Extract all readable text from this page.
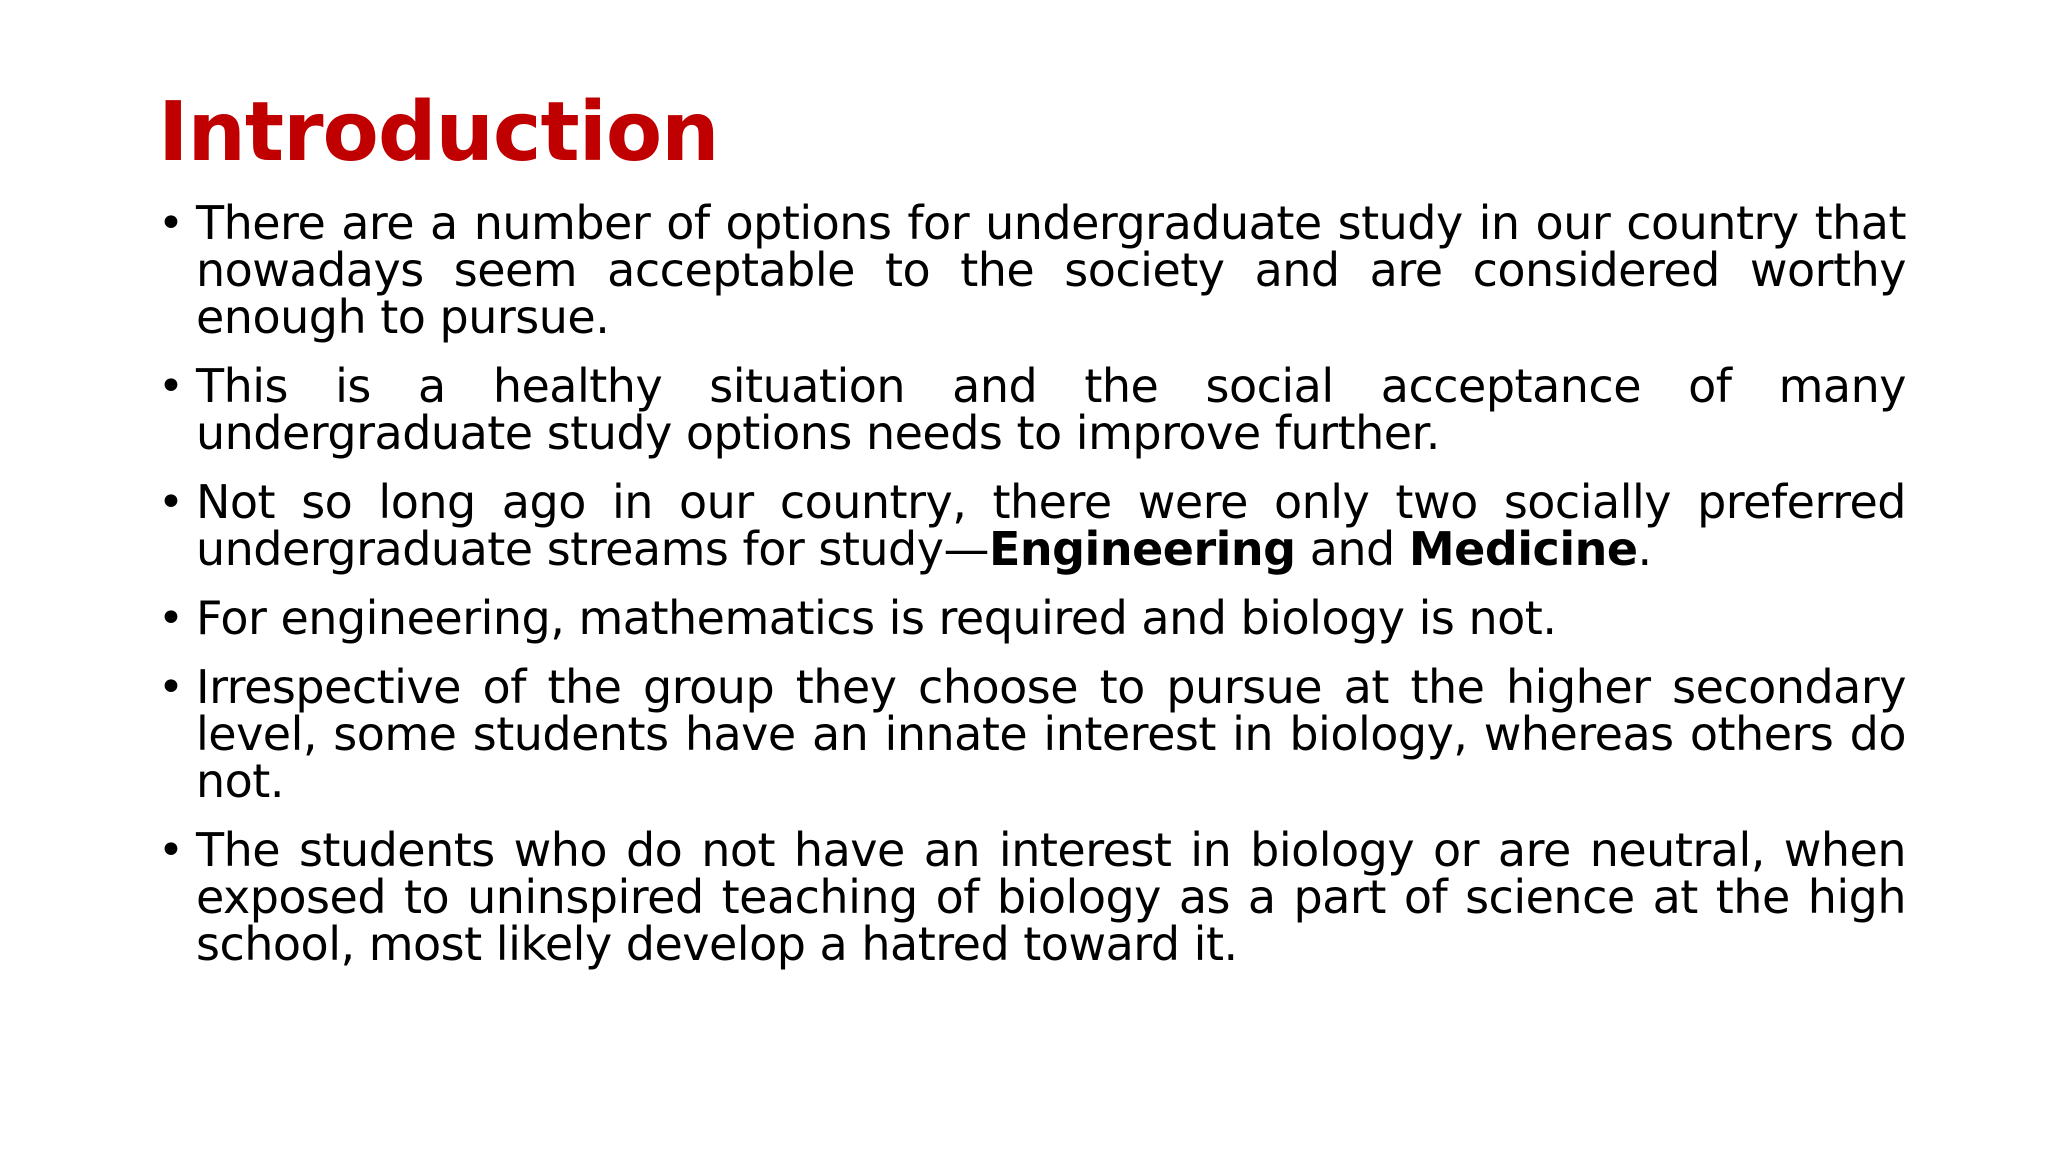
Introduction
• There are a number of options for undergraduate study in our country that nowadays seem acceptable to the society and are considered worthy enough to pursue.
• This is a healthy situation and the social acceptance of many undergraduate study options needs to improve further.
• Not so long ago in our country, there were only two socially preferred undergraduate streams for study—Engineering and Medicine.
• For engineering, mathematics is required and biology is not.
• Irrespective of the group they choose to pursue at the higher secondary level, some students have an innate interest in biology, whereas others do not.
• The students who do not have an interest in biology or are neutral, when exposed to uninspired teaching of biology as a part of science at the high school, most likely develop a hatred toward it.
